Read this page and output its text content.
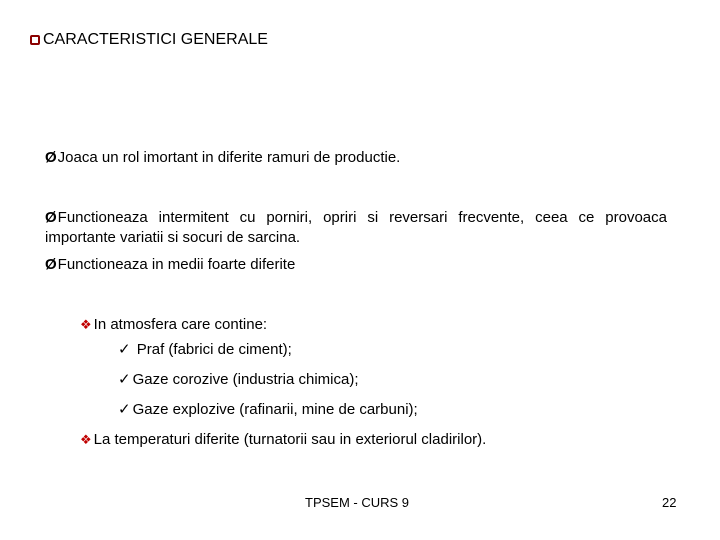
CARACTERISTICI GENERALE
ØJoaca un rol imortant in diferite ramuri de productie.
ØFunctioneaza intermitent cu porniri, opriri si reversari frecvente, ceea ce provoaca importante variatii si socuri de sarcina.
ØFunctioneaza in medii foarte diferite
❖ In atmosfera care contine:
✓ Praf (fabrici de ciment);
✓ Gaze corozive (industria chimica);
✓ Gaze explozive (rafinarii, mine de carbuni);
❖ La temperaturi diferite (turnatorii sau in exteriorul cladirilor).
TPSEM - CURS 9	22
